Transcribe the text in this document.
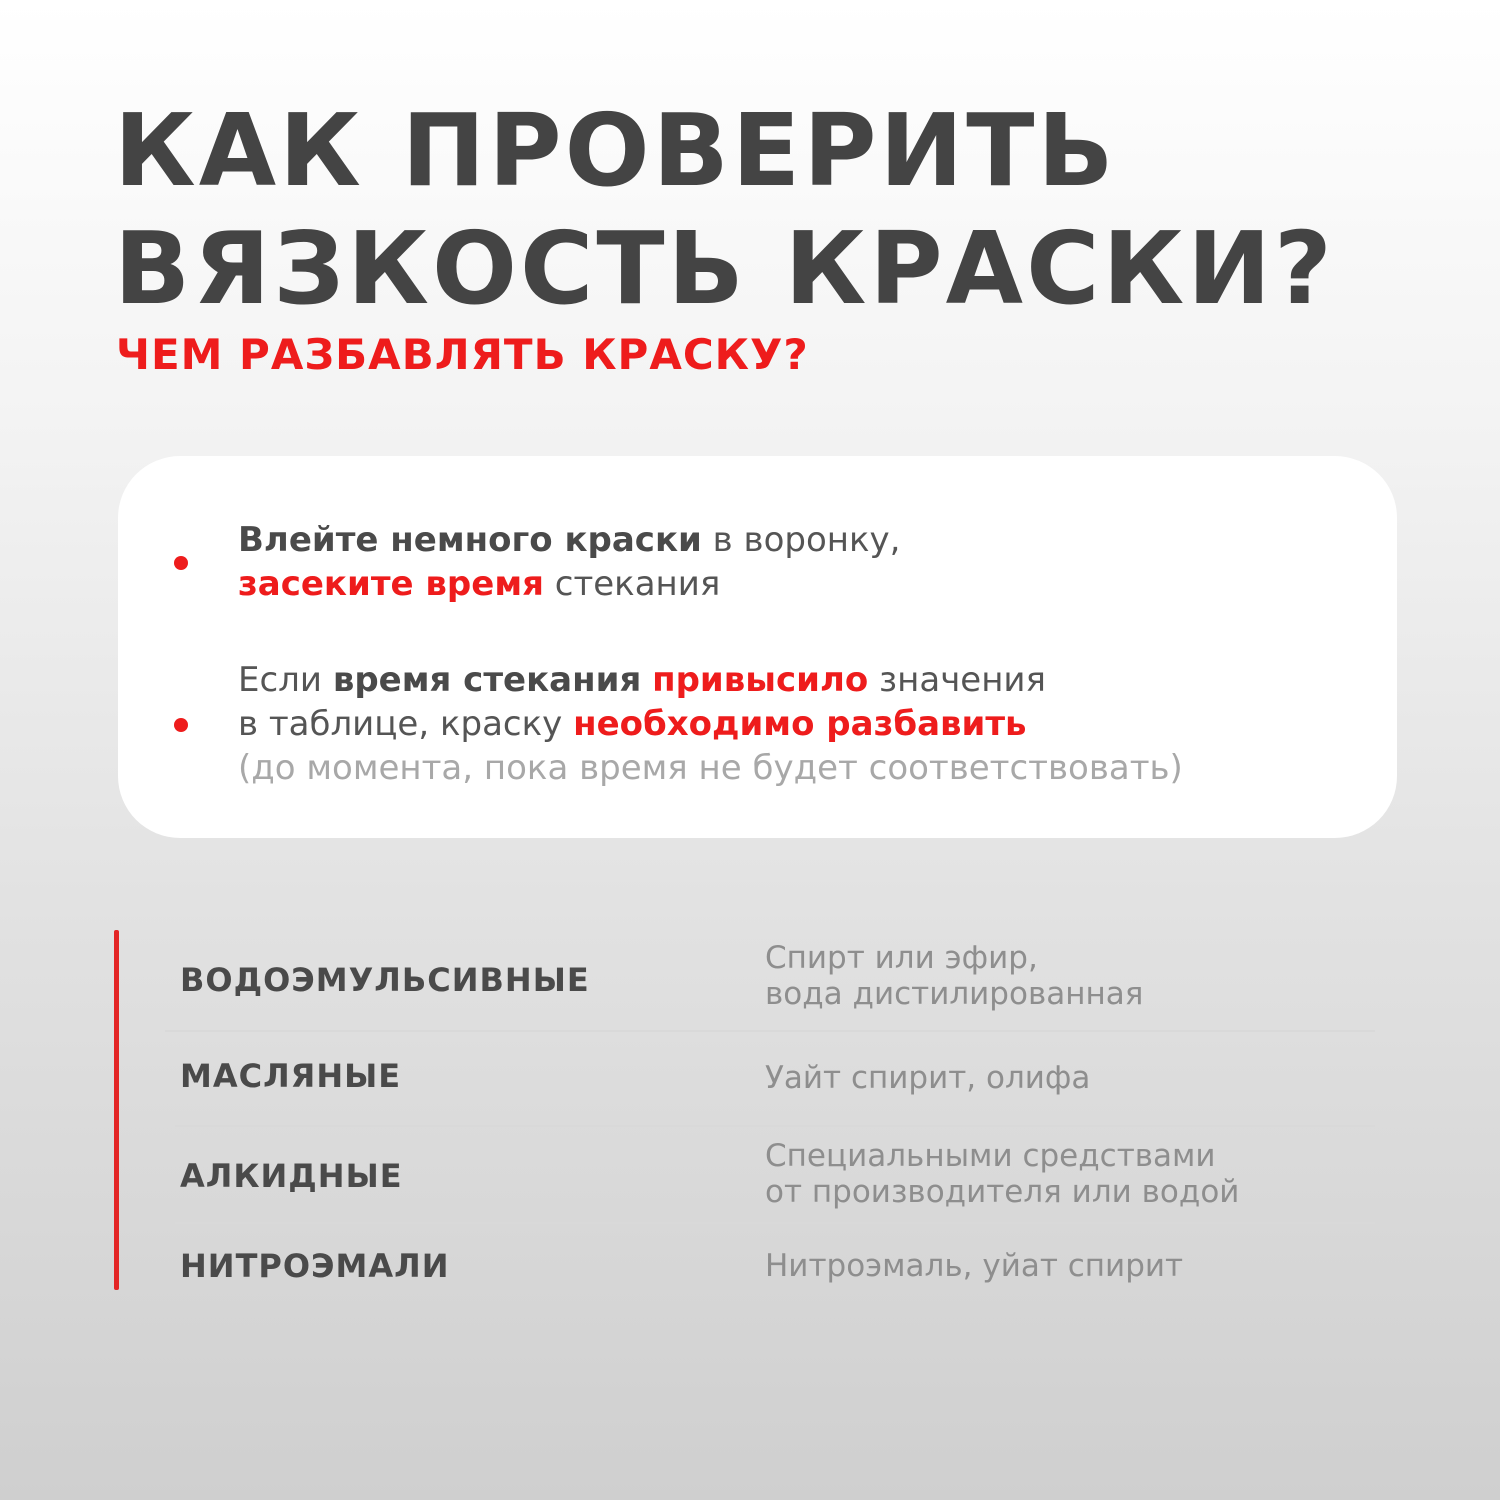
КАК ПРОВЕРИТЬ
ВЯЗКОСТЬ КРАСКИ?
ЧЕМ РАЗБАВЛЯТЬ КРАСКУ?
Влейте немного краски в воронку,
засеките время стекания
Если время стекания привысило значения
в таблице, краску необходимо разбавить
(до момента, пока время не будет соответствовать)
ВОДОЭМУЛЬСИВНЫЕ
Спирт или эфир,
вода дистилированная
МАСЛЯНЫЕ	Уайт спирит, олифа
АЛКИДНЫЕ
Специальными средствами
от производителя или водой
НИТРОЭМАЛИ	Нитроэмаль, уйат спирит
